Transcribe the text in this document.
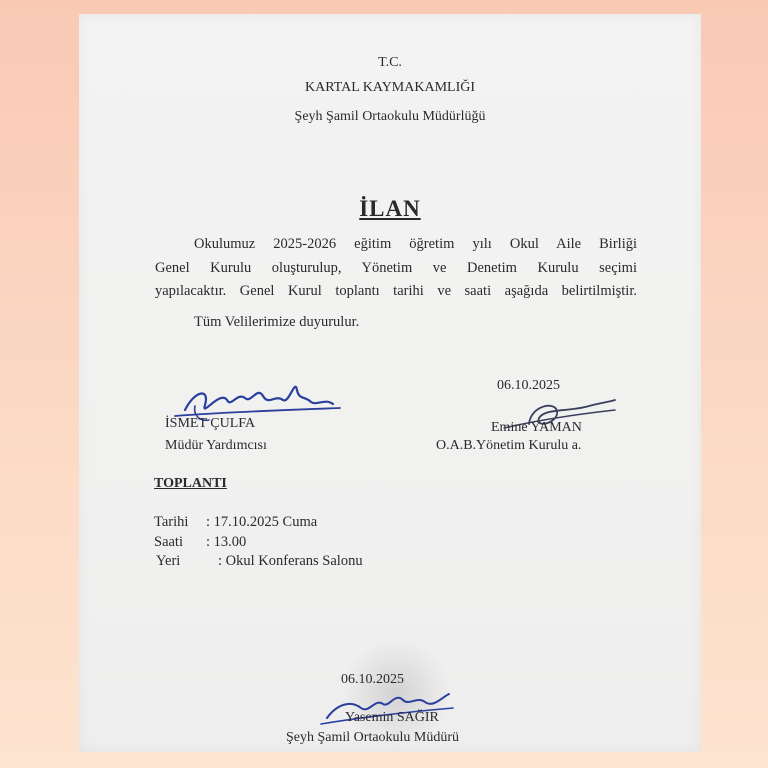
T.C.
KARTAL KAYMAKAMLIĞI
Şeyh Şamil Ortaokulu Müdürlüğü
İLAN
Okulumuz 2025-2026 eğitim öğretim yılı Okul Aile Birliği
Genel Kurulu oluşturulup, Yönetim ve Denetim Kurulu seçimi
yapılacaktır. Genel Kurul toplantı tarihi ve saati aşağıda belirtilmiştir.
Tüm Velilerimize duyurulur.
06.10.2025
İSMET ÇULFA
Müdür Yardımcısı
Emine YAMAN
O.A.B.Yönetim Kurulu a.
TOPLANTI
Tarihi : 17.10.2025 Cuma
Saati : 13.00
Yeri	: Okul Konferans Salonu
06.10.2025
Yasemin SAĞIR
Şeyh Şamil Ortaokulu Müdürü
